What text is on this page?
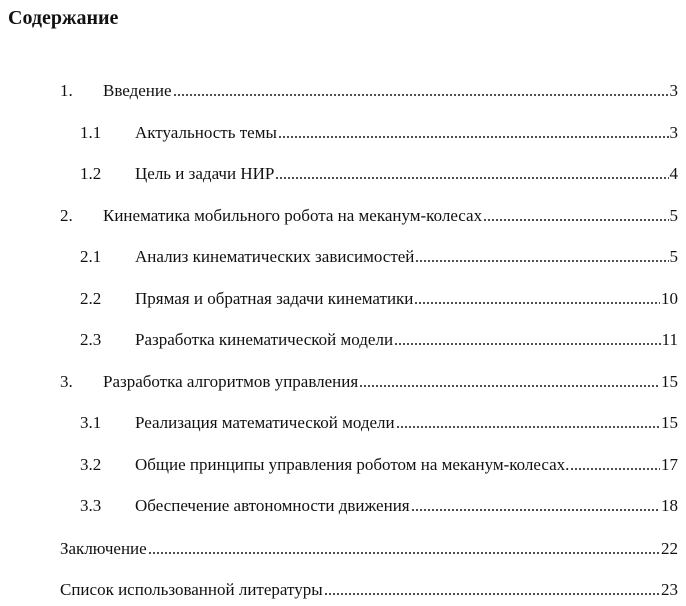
Содержание
1.	Введение	3
1.1	Актуальность темы	3
1.2	Цель и задачи НИР	4
2.	Кинематика мобильного робота на меканум-колесах	5
2.1	Анализ кинематических зависимостей	5
2.2	Прямая и обратная задачи кинематики	10
2.3	Разработка кинематической модели	11
3.	Разработка алгоритмов управления	15
3.1	Реализация математической модели	15
3.2	Общие принципы управления роботом на меканум-колесах.	17
3.3	Обеспечение автономности движения	18
Заключение	22
Список использованной литературы	23
